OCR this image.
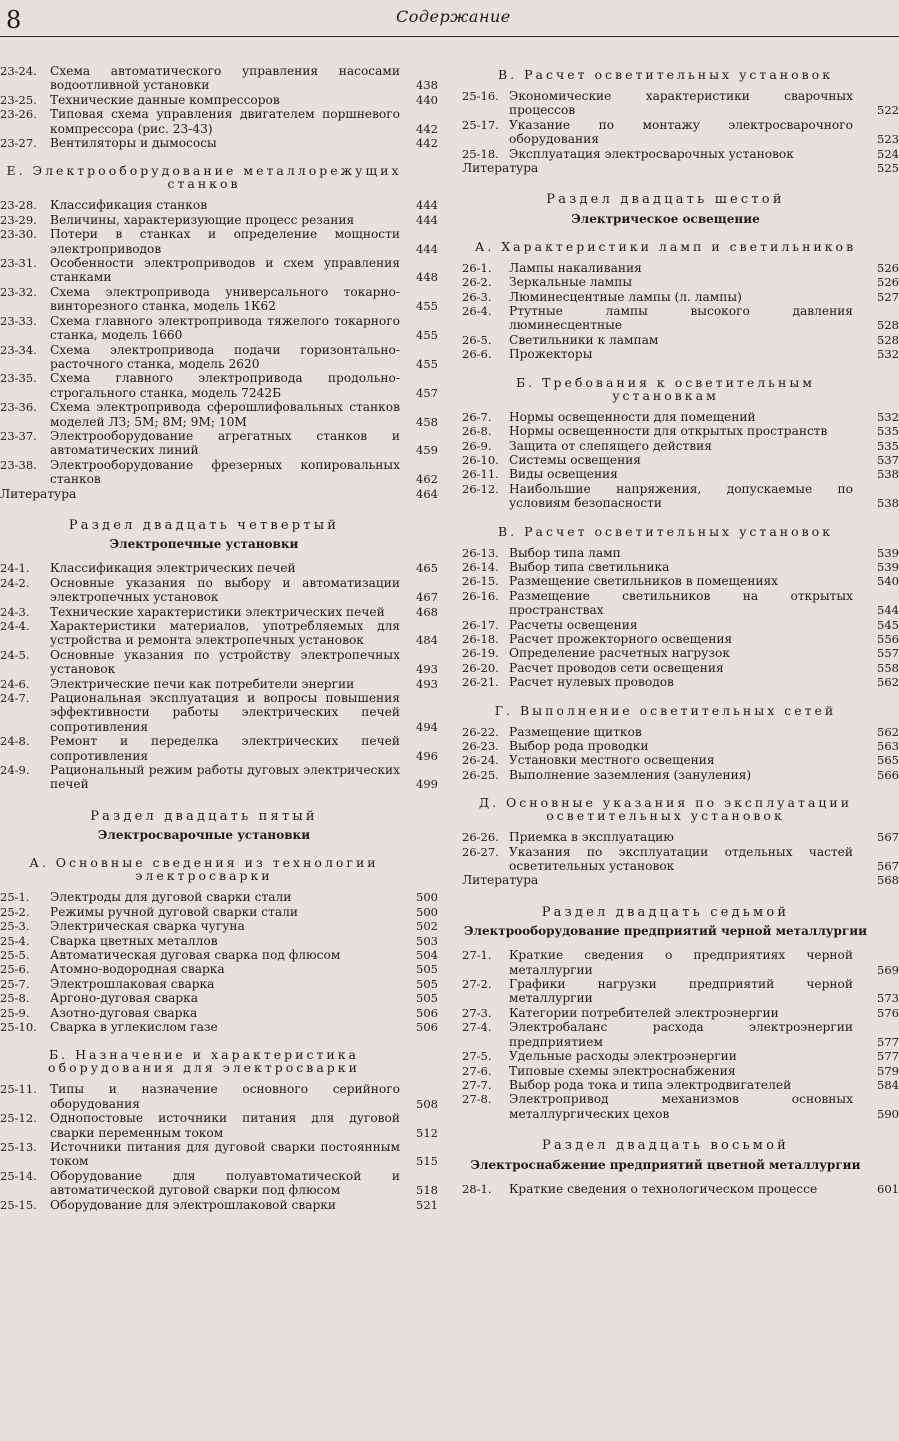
8	Содержание
23-24.	Схема автоматического управления насосами водоотливной установки	438
23-25.	Технические данные компрессоров	440
23-26.	Типовая схема управления двигателем поршневого компрессора (рис. 23-43)	442
23-27.	Вентиляторы и дымососы	442
Е. Электрооборудование металлорежущих станков
23-28.	Классификация станков	444
23-29.	Величины, характеризующие процесс резания	444
23-30.	Потери в станках и определение мощности электроприводов	444
23-31.	Особенности электроприводов и схем управления станками	448
23-32.	Схема электропривода универсального токарно-винторезного станка, модель 1К62	455
23-33.	Схема главного электропривода тяжелого токарного станка, модель 1660	455
23-34.	Схема электропривода подачи горизонтально-расточного станка, модель 2620	455
23-35.	Схема главного электропривода продольно-строгального станка, модель 7242Б	457
23-36.	Схема электропривода сферошлифовальных станков моделей ЛЗ; 5М; 8М; 9М; 10М	458
23-37.	Электрооборудование агрегатных станков и автоматических линий	459
23-38.	Электрооборудование фрезерных копировальных станков	462
Литература	464
Раздел двадцать четвертый
Электропечные установки
24-1.	Классификация электрических печей	465
24-2.	Основные указания по выбору и автоматизации электропечных установок	467
24-3.	Технические характеристики электрических печей	468
24-4.	Характеристики материалов, употребляемых для устройства и ремонта электропечных установок	484
24-5.	Основные указания по устройству электропечных установок	493
24-6.	Электрические печи как потребители энергии	493
24-7.	Рациональная эксплуатация и вопросы повышения эффективности работы электрических печей сопротивления	494
24-8.	Ремонт и переделка электрических печей сопротивления	496
24-9.	Рациональный режим работы дуговых электрических печей	499
Раздел двадцать пятый
Электросварочные установки
А. Основные сведения из технологии электросварки
25-1.	Электроды для дуговой сварки стали	500
25-2.	Режимы ручной дуговой сварки стали	500
25-3.	Электрическая сварка чугуна	502
25-4.	Сварка цветных металлов	503
25-5.	Автоматическая дуговая сварка под флюсом	504
25-6.	Атомно-водородная сварка	505
25-7.	Электрошлаковая сварка	505
25-8.	Аргоно-дуговая сварка	505
25-9.	Азотно-дуговая сварка	506
25-10.	Сварка в углекислом газе	506
Б. Назначение и характеристика оборудования для электросварки
25-11.	Типы и назначение основного серийного оборудования	508
25-12.	Однопостовые источники питания для дуговой сварки переменным током	512
25-13.	Источники питания для дуговой сварки постоянным током	515
25-14.	Оборудование для полуавтоматической и автоматической дуговой сварки под флюсом	518
25-15.	Оборудование для электрошлаковой сварки	521
В. Расчет осветительных установок
25-16. Экономические характеристики сварочных процессов	522
25-17. Указание по монтажу электросварочного оборудования	523
25-18. Эксплуатация электросварочных установок	524
Литература	525
Раздел двадцать шестой
Электрическое освещение
А. Характеристики ламп и светильников
26-1.	Лампы накаливания	526
26-2.	Зеркальные лампы	526
26-3.	Люминесцентные лампы (л. лампы)	527
26-4.	Ртутные лампы высокого давления люминесцентные	528
26-5.	Светильники к лампам	528
26-6.	Прожекторы	532
Б. Требования к осветительным установкам
26-7.	Нормы освещенности для помещений	532
26-8.	Нормы освещенности для открытых пространств	535
26-9.	Защита от слепящего действия	535
26-10. Системы освещения	537
26-11. Виды освещения	538
26-12. Наибольшие напряжения, допускаемые по условиям безопасности	538
В. Расчет осветительных установок
26-13. Выбор типа ламп	539
26-14. Выбор типа светильника	539
26-15. Размещение светильников в помещениях	540
26-16. Размещение светильников на открытых пространствах	544
26-17. Расчеты освещения	545
26-18. Расчет прожекторного освещения	556
26-19. Определение расчетных нагрузок	557
26-20. Расчет проводов сети освещения	558
26-21. Расчет нулевых проводов	562
Г. Выполнение осветительных сетей
26-22. Размещение щитков	562
26-23. Выбор рода проводки	563
26-24. Установки местного освещения	565
26-25. Выполнение заземления (зануления)	566
Д. Основные указания по эксплуатации осветительных установок
26-26. Приемка в эксплуатацию	567
26-27. Указания по эксплуатации отдельных частей осветительных установок	567
Литература	568
Раздел двадцать седьмой
Электрооборудование предприятий черной металлургии
27-1.	Краткие сведения о предприятиях черной металлургии	569
27-2.	Графики нагрузки предприятий черной металлургии	573
27-3.	Категории потребителей электроэнергии	576
27-4.	Электробаланс расхода электроэнергии предприятием	577
27-5.	Удельные расходы электроэнергии	577
27-6.	Типовые схемы электроснабжения	579
27-7.	Выбор рода тока и типа электродвигателей	584
27-8.	Электропривод механизмов основных металлургических цехов	590
Раздел двадцать восьмой
Электроснабжение предприятий цветной металлургии
28-1.	Краткие сведения о технологическом процессе	601
